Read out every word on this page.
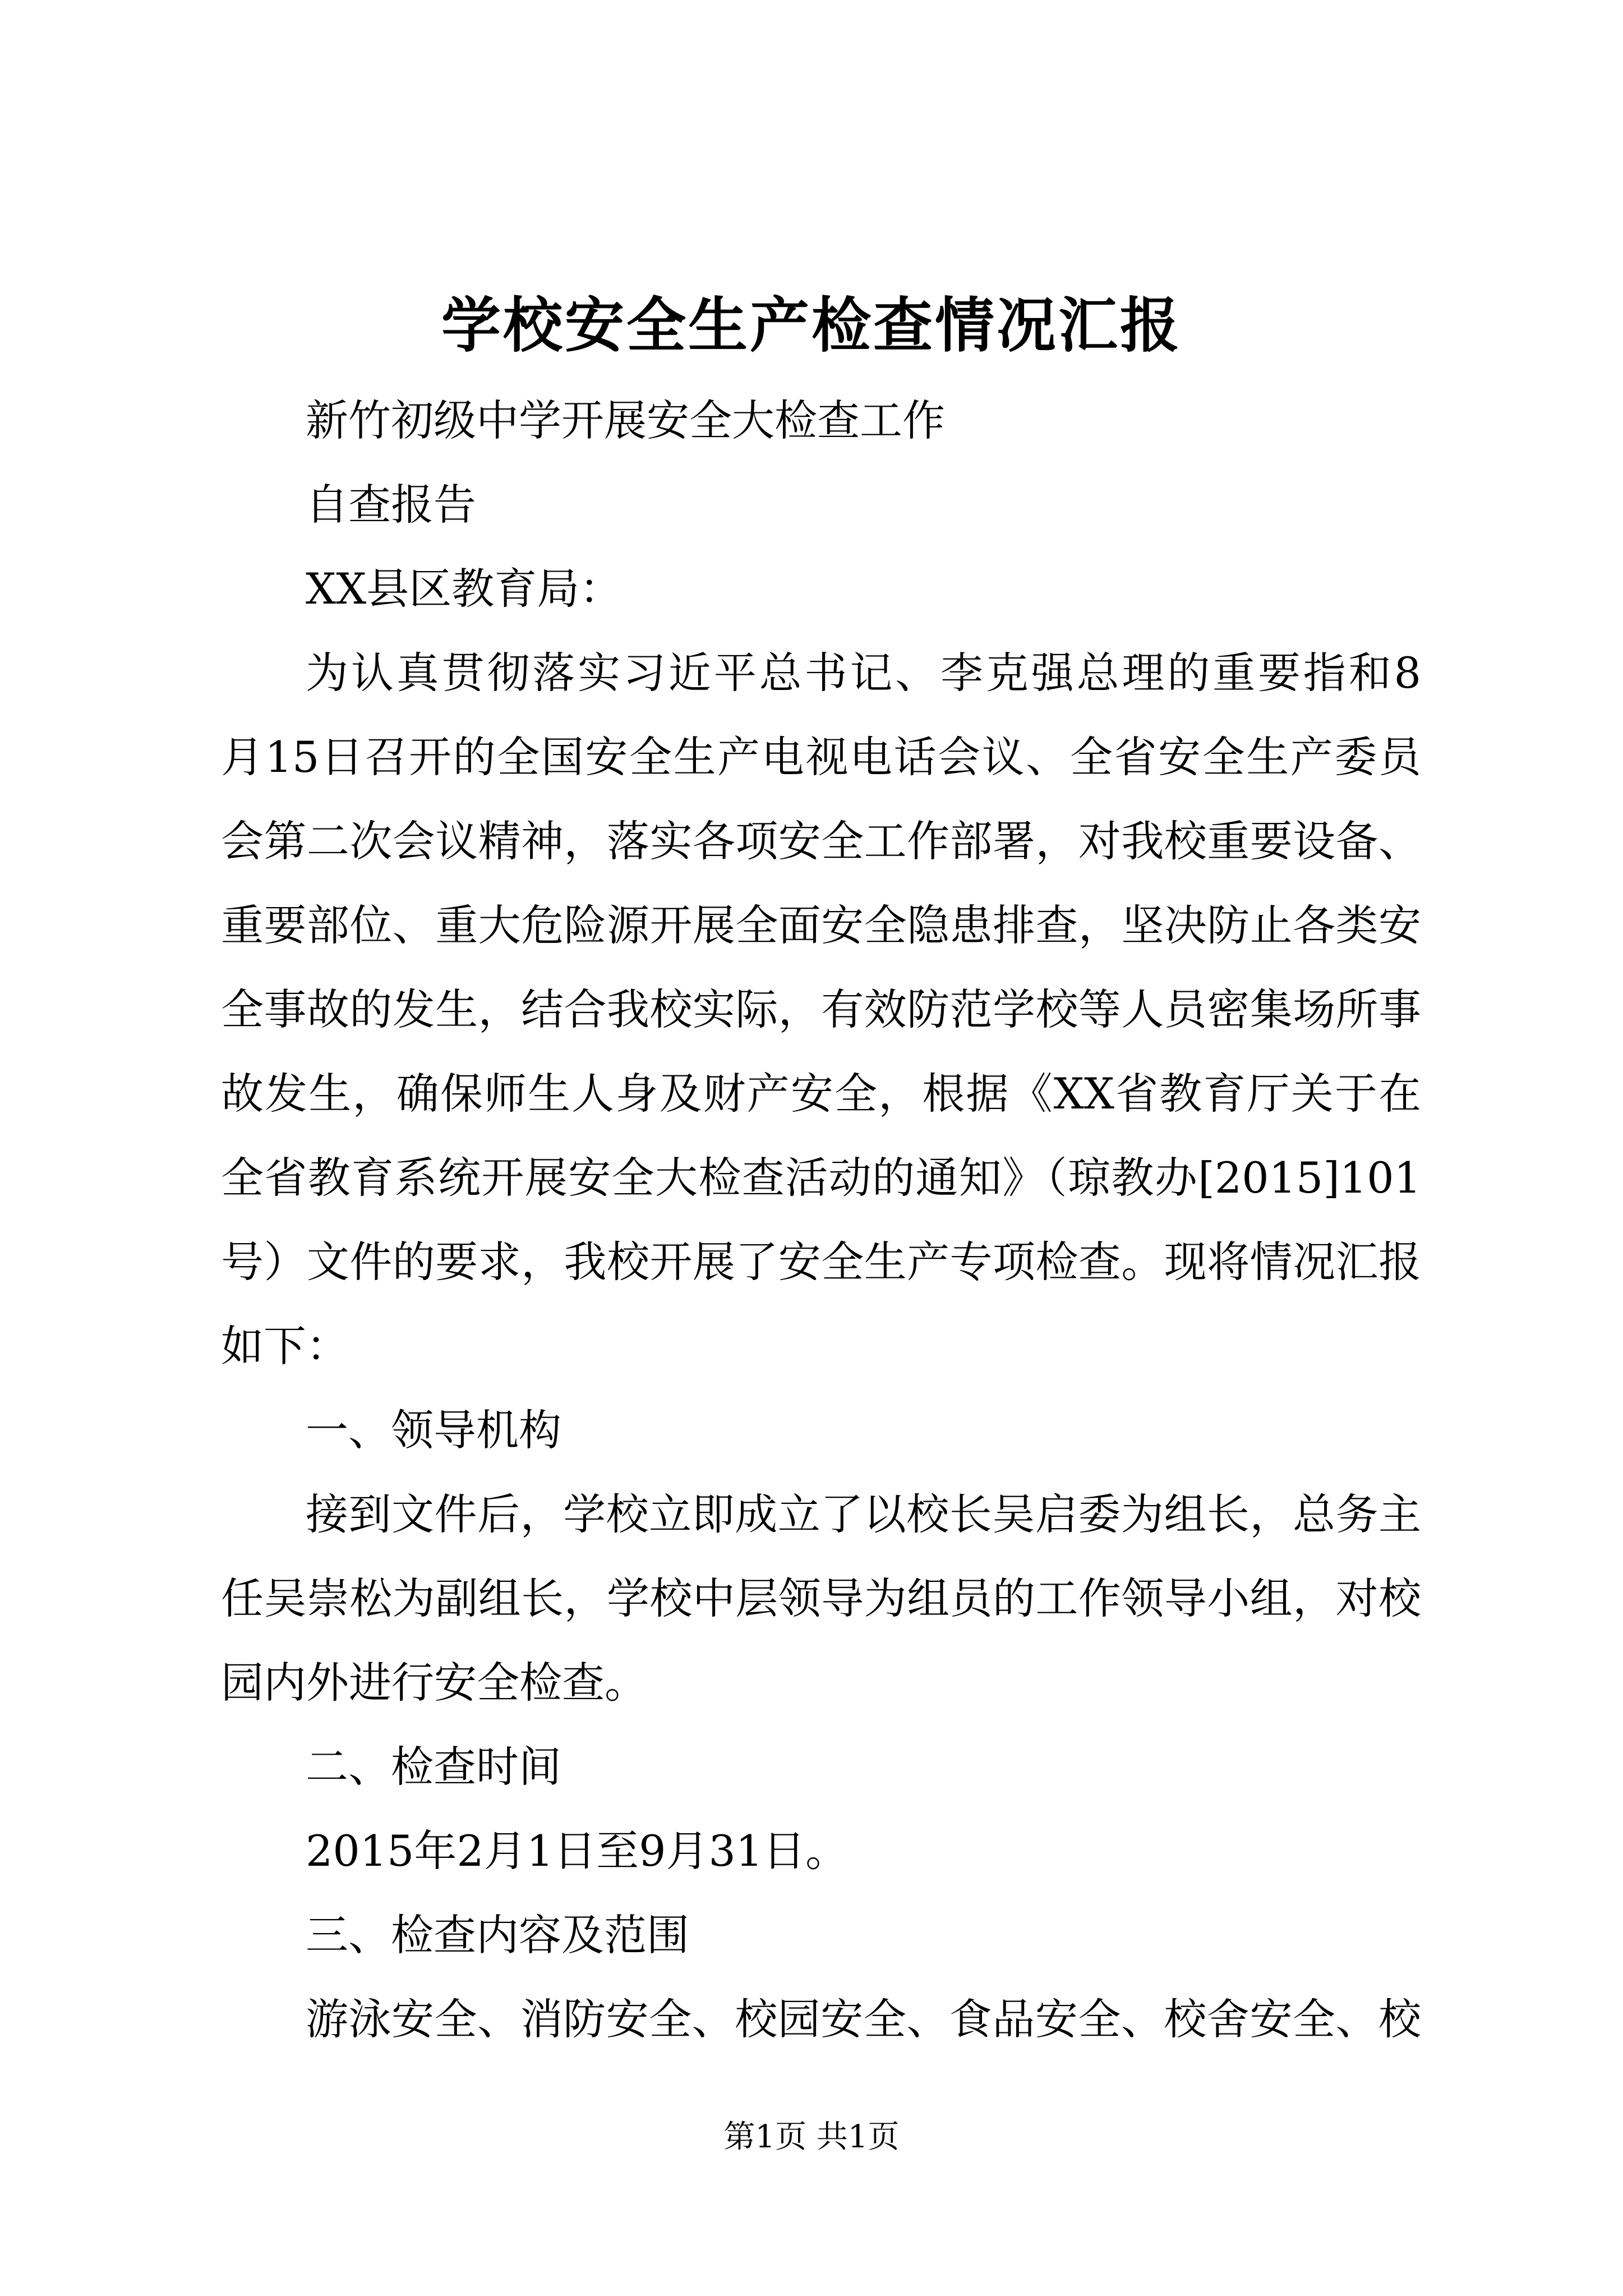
学校安全生产检查情况汇报
新竹初级中学开展安全大检查工作
自查报告
XX县区教育局：
为认真贯彻落实习近平总书记、李克强总理的重要指和8
月15日召开的全国安全生产电视电话会议、全省安全生产委员
会第二次会议精神，落实各项安全工作部署，对我校重要设备、
重要部位、重大危险源开展全面安全隐患排查，坚决防止各类安
全事故的发生，结合我校实际，有效防范学校等人员密集场所事
故发生，确保师生人身及财产安全，根据《XX省教育厅关于在
全省教育系统开展安全大检查活动的通知》（琼教办[2015]101
号）文件的要求，我校开展了安全生产专项检查。现将情况汇报
如下：
一、领导机构
接到文件后，学校立即成立了以校长吴启委为组长，总务主
任吴崇松为副组长，学校中层领导为组员的工作领导小组，对校
园内外进行安全检查。
二、检查时间
2015年2月1日至9月31日。
三、检查内容及范围
游泳安全、消防安全、校园安全、食品安全、校舍安全、校
第1页 共1页
